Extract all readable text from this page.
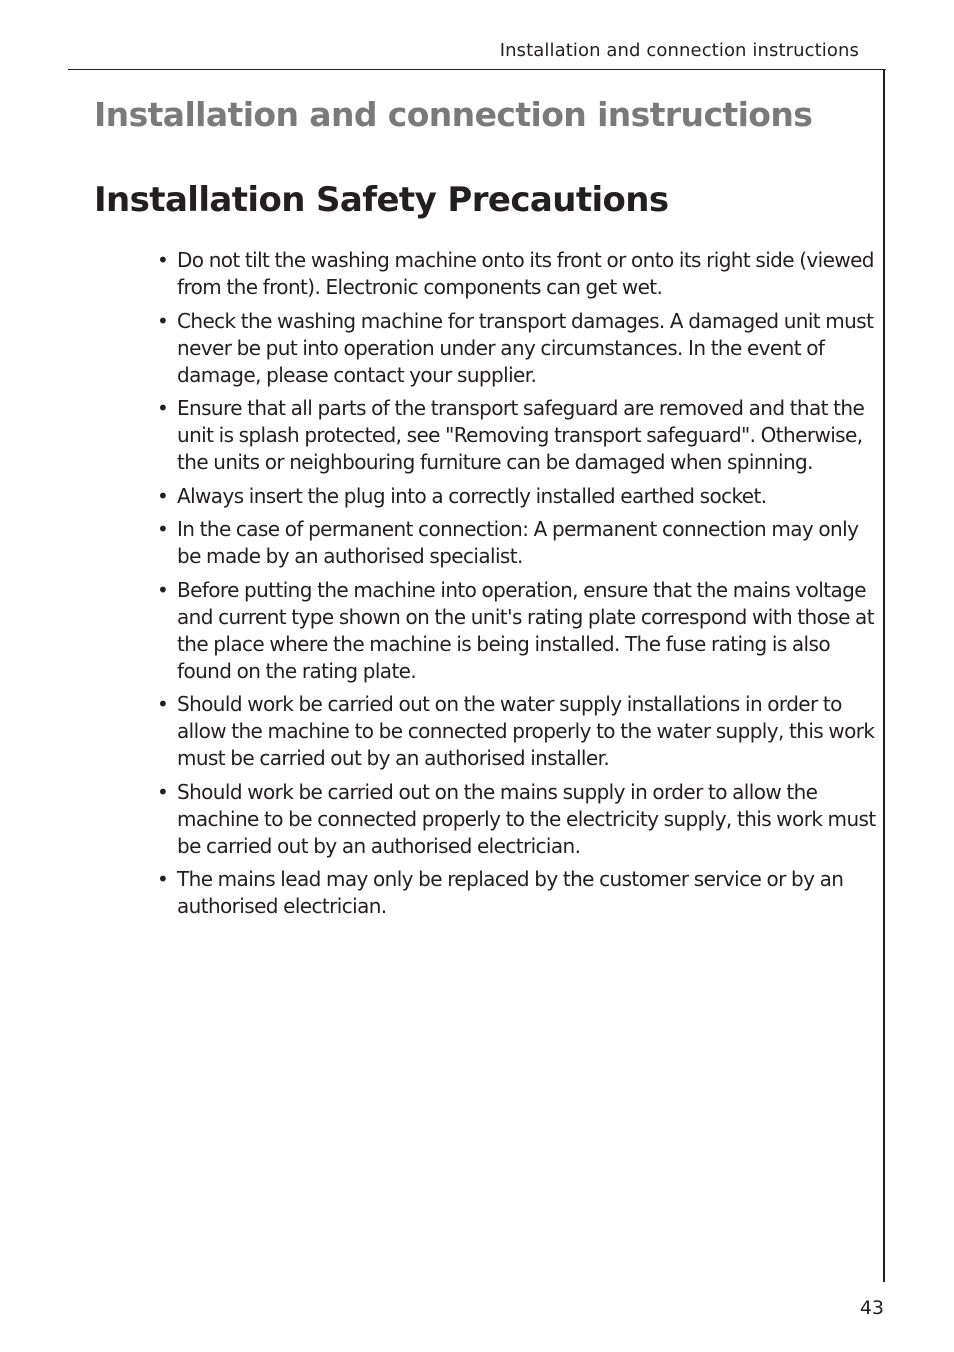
Installation and connection instructions
Installation and connection instructions
Installation Safety Precautions
• Do not tilt the washing machine onto its front or onto its right side (viewed from the front). Electronic components can get wet.
• Check the washing machine for transport damages. A damaged unit must never be put into operation under any circumstances. In the event of damage, please contact your supplier.
• Ensure that all parts of the transport safeguard are removed and that the unit is splash protected, see "Removing transport safeguard". Otherwise, the units or neighbouring furniture can be damaged when spinning.
• Always insert the plug into a correctly installed earthed socket.
• In the case of permanent connection: A permanent connection may only be made by an authorised specialist.
• Before putting the machine into operation, ensure that the mains voltage and current type shown on the unit's rating plate correspond with those at the place where the machine is being installed. The fuse rating is also found on the rating plate.
• Should work be carried out on the water supply installations in order to allow the machine to be connected properly to the water supply, this work must be carried out by an authorised installer.
• Should work be carried out on the mains supply in order to allow the machine to be connected properly to the electricity supply, this work must be carried out by an authorised electrician.
• The mains lead may only be replaced by the customer service or by an authorised electrician.
43
